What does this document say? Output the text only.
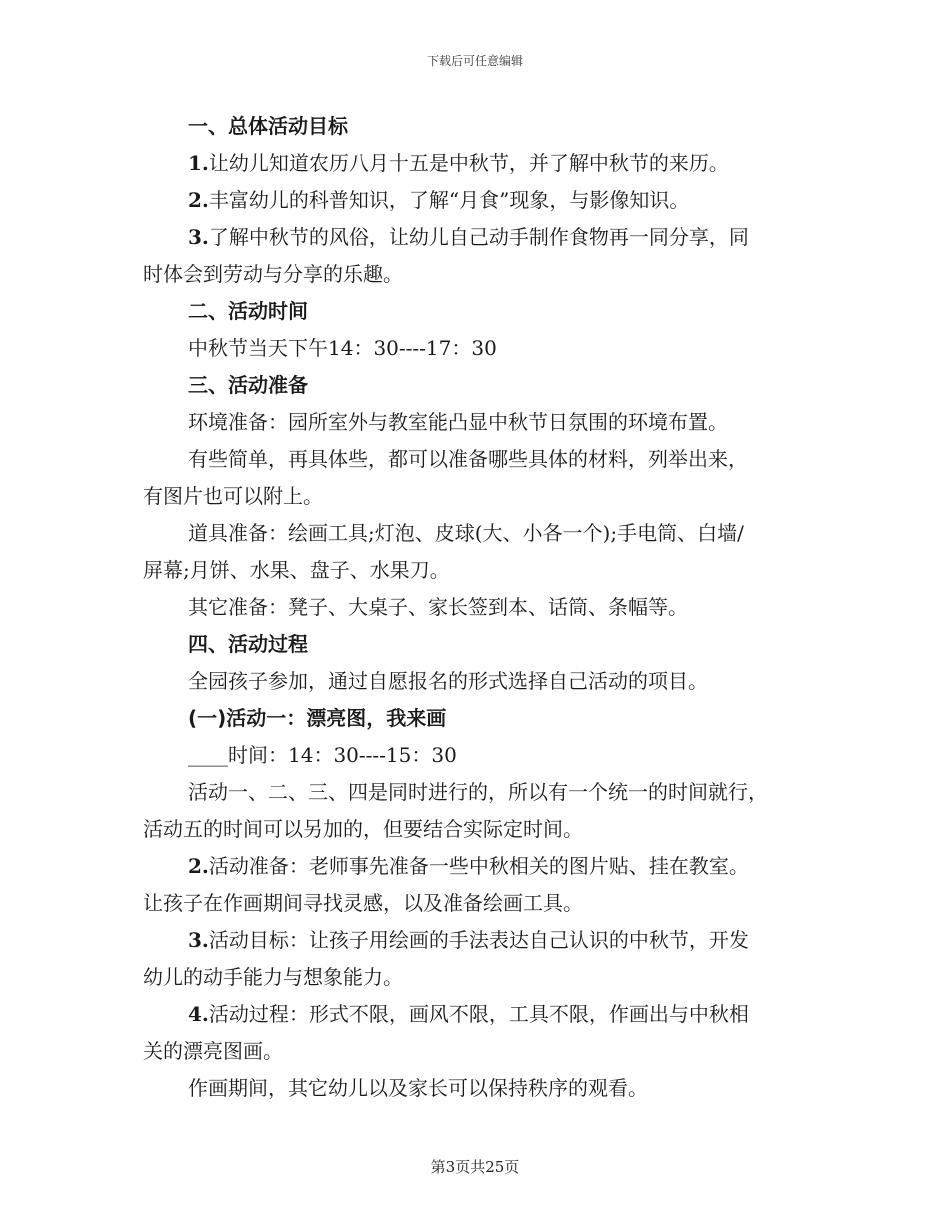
下载后可任意编辑

一、总体活动目标

1.让幼儿知道农历八月十五是中秋节，并了解中秋节的来历。

2.丰富幼儿的科普知识，了解“月食”现象，与影像知识。

3.了解中秋节的风俗，让幼儿自己动手制作食物再一同分享，同

时体会到劳动与分享的乐趣。

二、活动时间

中秋节当天下午14：30----17：30

三、活动准备

环境准备：园所室外与教室能凸显中秋节日氛围的环境布置。

有些简单，再具体些，都可以准备哪些具体的材料，列举出来，

有图片也可以附上。

道具准备：绘画工具;灯泡、皮球(大、小各一个);手电筒、白墙/

屏幕;月饼、水果、盘子、水果刀。

其它准备：凳子、大桌子、家长签到本、话筒、条幅等。

四、活动过程

全园孩子参加，通过自愿报名的形式选择自己活动的项目。

(一)活动一：漂亮图，我来画

____时间：14：30----15：30

活动一、二、三、四是同时进行的，所以有一个统一的时间就行，

活动五的时间可以另加的，但要结合实际定时间。

2.活动准备：老师事先准备一些中秋相关的图片贴、挂在教室。

让孩子在作画期间寻找灵感，以及准备绘画工具。

3.活动目标：让孩子用绘画的手法表达自己认识的中秋节，开发

幼儿的动手能力与想象能力。

4.活动过程：形式不限，画风不限，工具不限，作画出与中秋相

关的漂亮图画。

作画期间，其它幼儿以及家长可以保持秩序的观看。

第3页共25页
